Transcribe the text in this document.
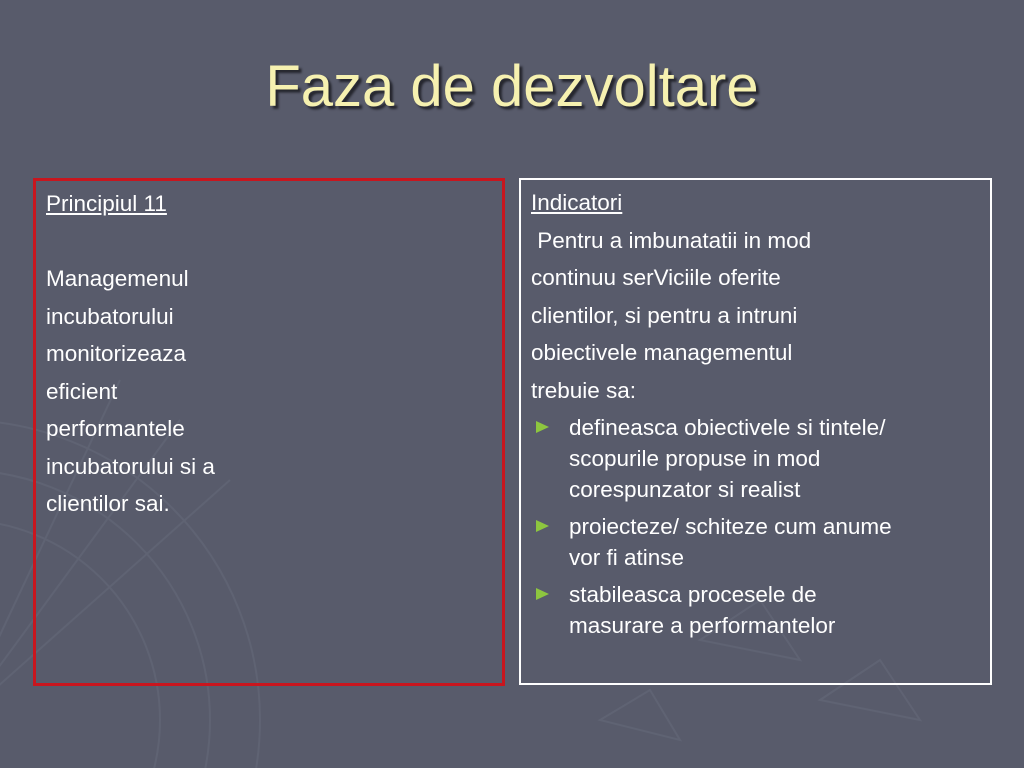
Faza de dezvoltare
Principiul 11
Managemenul
incubatorului
monitorizeaza
eficient
performantele
incubatorului si a
clientilor sai.
Indicatori
Pentru a imbunatatii in mod
continuu serViciile oferite
clientilor, si pentru a intruni
obiectivele managementul
trebuie sa:
defineasca obiectivele si tintele/
scopurile propuse in mod
corespunzator si realist
proiecteze/ schiteze cum anume
vor fi atinse
stabileasca procesele de
masurare a performantelor
